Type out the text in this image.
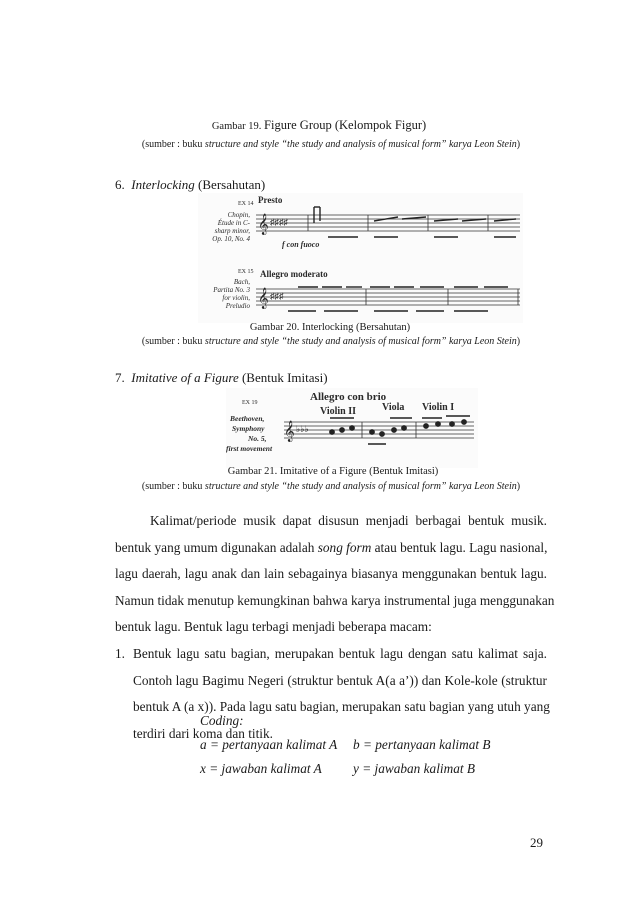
Gambar 19. Figure Group (Kelompok Figur)
(sumber : buku structure and style “the study and analysis of musical form” karya Leon Stein)
6. Interlocking (Bersahutan)
EX 14
Chopin,
Étude in C-
sharp minor,
Op. 10, No. 4
Presto
𝄞 ♯♯♯♯
f con fuoco
EX 15
Bach,
Partita No. 3
for violin,
Preludio
Allegro moderato
𝄞 ♯♯♯
Gambar 20. Interlocking (Bersahutan)
(sumber : buku structure and style “the study and analysis of musical form” karya Leon Stein)
7. Imitative of a Figure (Bentuk Imitasi)
EX 19
Beethoven,
Symphony
No. 5,
first movement
Allegro con brio
Violin II	Viola Violin I
𝄞 ♭♭♭
Gambar 21. Imitative of a Figure (Bentuk Imitasi)
(sumber : buku structure and style “the study and analysis of musical form” karya Leon Stein)
Kalimat/periode musik dapat disusun menjadi berbagai bentuk musik.
bentuk yang umum digunakan adalah song form atau bentuk lagu. Lagu nasional,
lagu daerah, lagu anak dan lain sebagainya biasanya menggunakan bentuk lagu.
Namun tidak menutup kemungkinan bahwa karya instrumental juga menggunakan
bentuk lagu. Bentuk lagu terbagi menjadi beberapa macam:
1. Bentuk lagu satu bagian, merupakan bentuk lagu dengan satu kalimat saja.
Contoh lagu Bagimu Negeri (struktur bentuk A(a a’)) dan Kole-kole (struktur
bentuk A (a x)). Pada lagu satu bagian, merupakan satu bagian yang utuh yang
terdiri dari koma dan titik.
Coding:
a = pertanyaan kalimat A b = pertanyaan kalimat B
x = jawaban kalimat A y = jawaban kalimat B
29
